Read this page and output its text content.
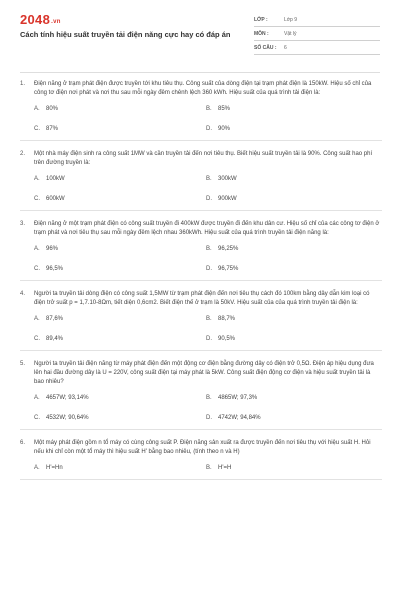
2048.vn
Cách tính hiệu suất truyền tải điện năng cực hay có đáp án
LỚP :	Lớp 9
MÔN :	Vật lý
SỐ CÂU :	6
1.	Điện năng ở trạm phát điện được truyền tới khu tiêu thụ. Công suất của dòng điện tại trạm phát điện là 150kW. Hiệu số chỉ của công tơ điện nơi phát và nơi thu sau mỗi ngày đêm chênh lệch 360 kWh. Hiệu suất của quá trình tải điện là:
A. 80%	B. 85%
C. 87%	D. 90%
2.	Một nhà máy điện sinh ra công suất 1MW và cần truyền tải đến nơi tiêu thụ. Biết hiệu suất truyền tải là 90%. Công suất hao phí trên đường truyền là:
A. 100kW	B. 300kW
C. 600kW	D. 900kW
3.	Điện năng ở một trạm phát điện có công suất truyền đi 400kW được truyền đi đến khu dân cư. Hiệu số chỉ của các công tơ điện ở trạm phát và nơi tiêu thụ sau mỗi ngày đêm lệch nhau 360kWh. Hiệu suất của quá trình truyền tải điện năng là:
A. 96%	B. 96,25%
C. 96,5%	D. 96,75%
4.	Người ta truyền tải dòng điện có công suất 1,5MW từ trạm phát điện đến nơi tiêu thụ cách đó 100km bằng dây dẫn kim loại có điện trở suất p = 1,7.10-8Ωm, tiết diện 0,6cm2. Biết điện thế ở trạm là 50kV. Hiệu suất của của quá trình truyền tải điện là:
A. 87,6%	B. 88,7%
C. 89,4%	D. 90,5%
5.	Người ta truyền tải điện năng từ máy phát điện đến một động cơ điện bằng đường dây có điện trở 0,5Ω. Điện áp hiệu dụng đưa lên hai đầu đường dây là U = 220V, công suất điện tại máy phát là 5kW. Công suất điện động cơ điện và hiệu suất truyền tải là bao nhiêu?
A. 4657W; 93,14%	B. 4865W; 97,3%
C. 4532W; 90,64%	D. 4742W; 94,84%
6.	Một máy phát điện gồm n tổ máy có cùng công suất P. Điện năng sản xuất ra được truyền đến nơi tiêu thụ với hiệu suất H. Hỏi nếu khi chỉ còn một tổ máy thì hiệu suất H' bằng bao nhiêu, (tính theo n và H)
A. H'=Hn	B. H'=H
